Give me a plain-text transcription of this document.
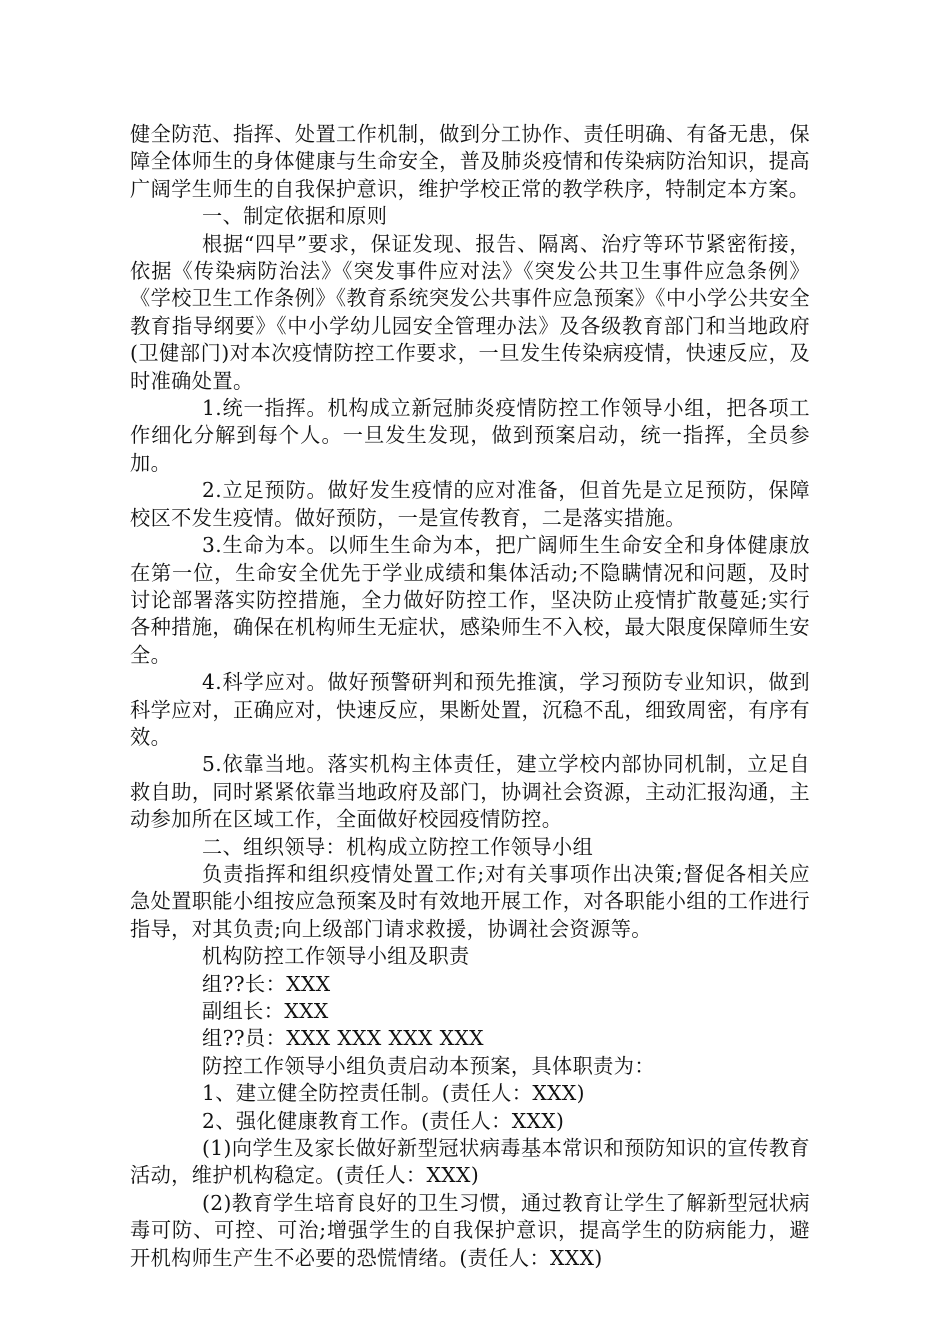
健全防范、指挥、处置工作机制，做到分工协作、责任明确、有备无患，保障全体师生的身体健康与生命安全，普及肺炎疫情和传染病防治知识，提高广阔学生师生的自我保护意识，维护学校正常的教学秩序，特制定本方案。

一、制定依据和原则

根据“四早”要求，保证发现、报告、隔离、治疗等环节紧密衔接，依据《传染病防治法》《突发事件应对法》《突发公共卫生事件应急条例》《学校卫生工作条例》《教育系统突发公共事件应急预案》《中小学公共安全教育指导纲要》《中小学幼儿园安全管理办法》及各级教育部门和当地政府(卫健部门)对本次疫情防控工作要求，一旦发生传染病疫情，快速反应，及时准确处置。

1.统一指挥。机构成立新冠肺炎疫情防控工作领导小组，把各项工作细化分解到每个人。一旦发生发现，做到预案启动，统一指挥，全员参加。

2.立足预防。做好发生疫情的应对准备，但首先是立足预防，保障校区不发生疫情。做好预防，一是宣传教育，二是落实措施。

3.生命为本。以师生生命为本，把广阔师生生命安全和身体健康放在第一位，生命安全优先于学业成绩和集体活动;不隐瞒情况和问题，及时讨论部署落实防控措施，全力做好防控工作，坚决防止疫情扩散蔓延;实行各种措施，确保在机构师生无症状，感染师生不入校，最大限度保障师生安全。

4.科学应对。做好预警研判和预先推演，学习预防专业知识，做到科学应对，正确应对，快速反应，果断处置，沉稳不乱，细致周密，有序有效。

5.依靠当地。落实机构主体责任，建立学校内部协同机制，立足自救自助，同时紧紧依靠当地政府及部门，协调社会资源，主动汇报沟通，主动参加所在区域工作，全面做好校园疫情防控。

二、组织领导：机构成立防控工作领导小组

负责指挥和组织疫情处置工作;对有关事项作出决策;督促各相关应急处置职能小组按应急预案及时有效地开展工作，对各职能小组的工作进行指导，对其负责;向上级部门请求救援，协调社会资源等。

机构防控工作领导小组及职责

组??长：XXX

副组长：XXX

组??员：XXX XXX XXX XXX

防控工作领导小组负责启动本预案，具体职责为：

1、建立健全防控责任制。(责任人：XXX)

2、强化健康教育工作。(责任人：XXX)

(1)向学生及家长做好新型冠状病毒基本常识和预防知识的宣传教育活动，维护机构稳定。(责任人：XXX)

(2)教育学生培育良好的卫生习惯，通过教育让学生了解新型冠状病毒可防、可控、可治;增强学生的自我保护意识，提高学生的防病能力，避开机构师生产生不必要的恐慌情绪。(责任人：XXX)
